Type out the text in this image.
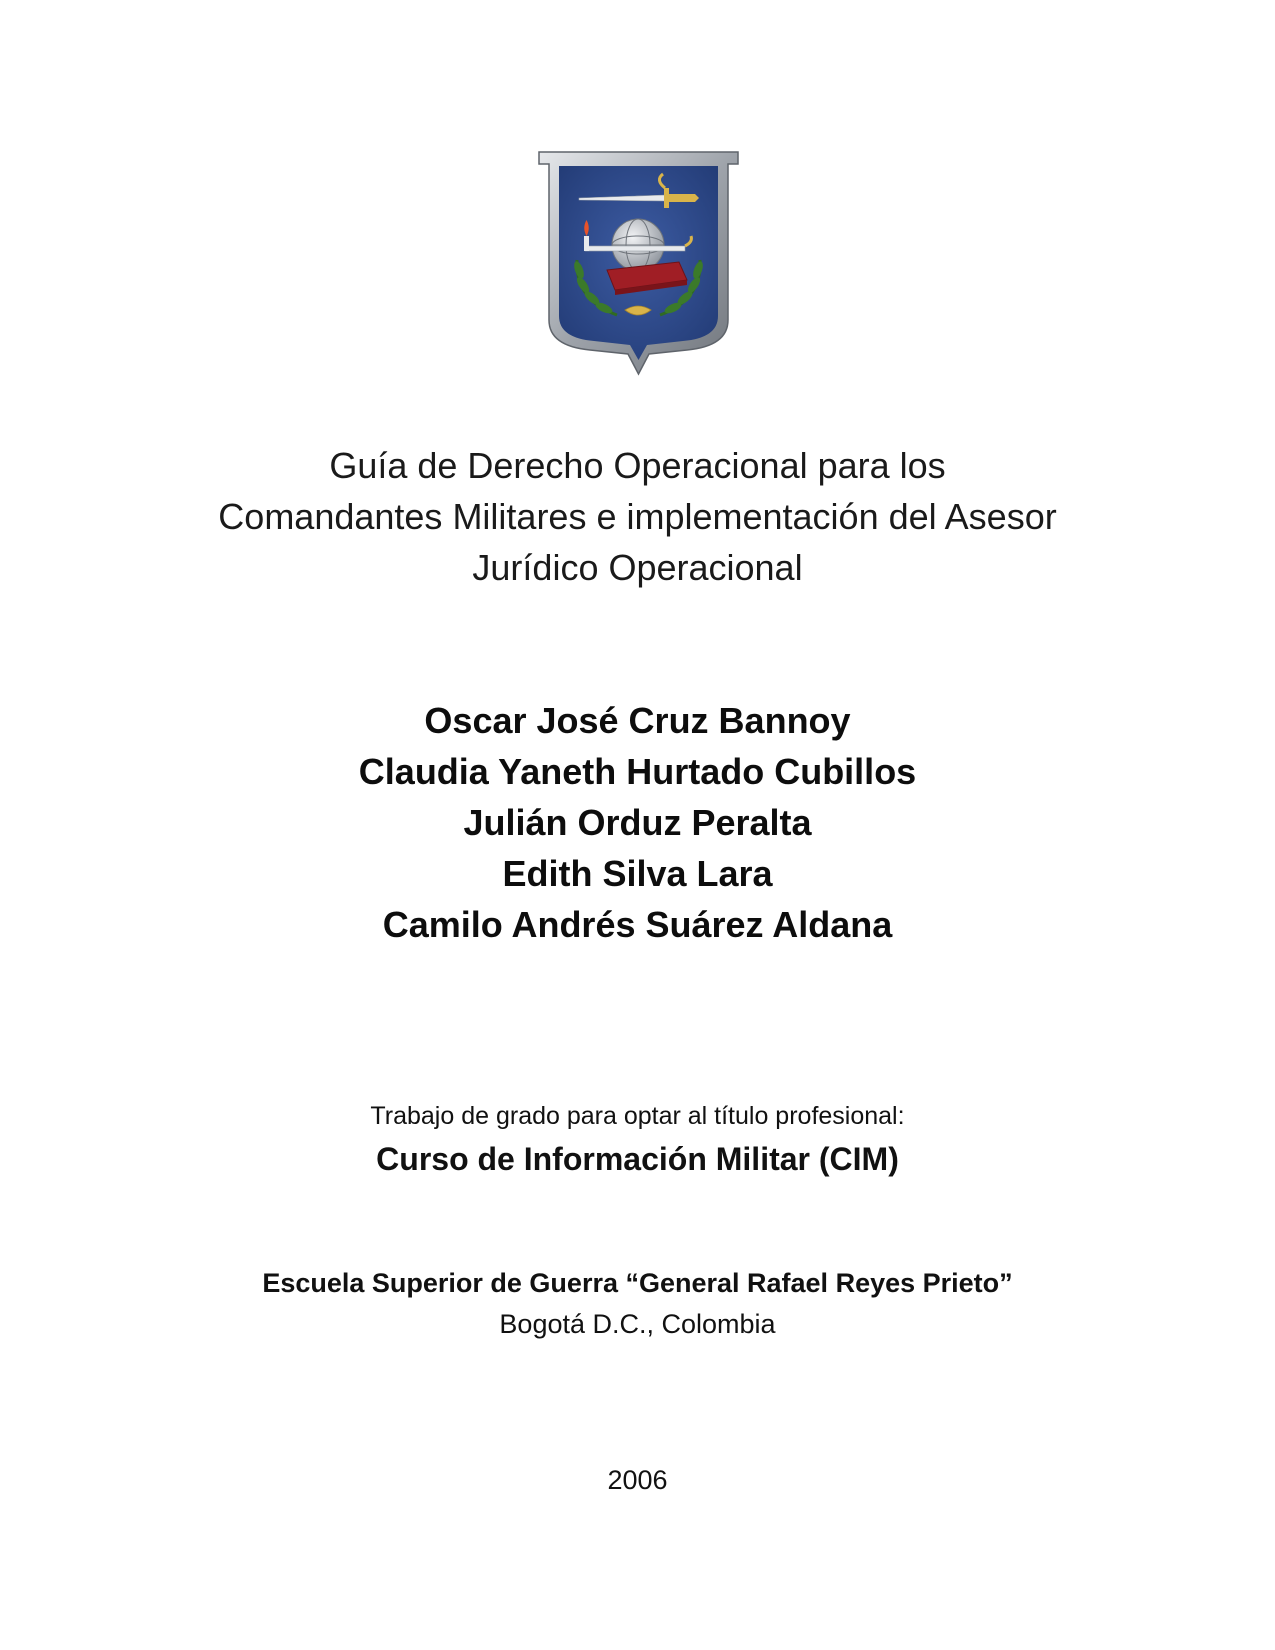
Guía de Derecho Operacional para los
Comandantes Militares e implementación del Asesor
Jurídico Operacional
Oscar José Cruz Bannoy
Claudia Yaneth Hurtado Cubillos
Julián Orduz Peralta
Edith Silva Lara
Camilo Andrés Suárez Aldana
Trabajo de grado para optar al título profesional:
Curso de Información Militar (CIM)
Escuela Superior de Guerra “General Rafael Reyes Prieto”
Bogotá D.C., Colombia
2006
